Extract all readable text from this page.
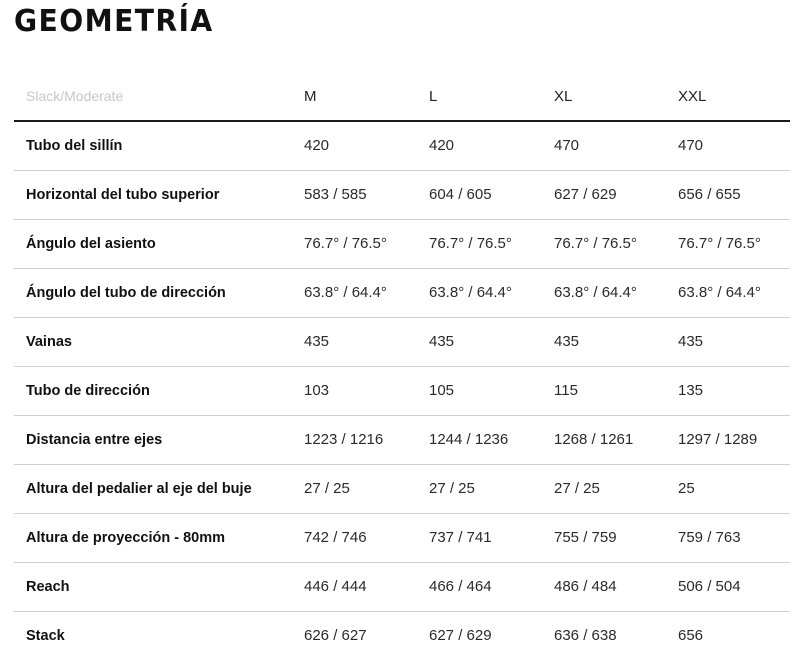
GEOMETRÍA
Slack/Moderate	M	L	XL	XXL
Tubo del sillín	420	420	470	470
Horizontal del tubo superior	583 / 585	604 / 605	627 / 629	656 / 655
Ángulo del asiento	76.7° / 76.5°	76.7° / 76.5°	76.7° / 76.5°	76.7° / 76.5°
Ángulo del tubo de dirección	63.8° / 64.4°	63.8° / 64.4°	63.8° / 64.4°	63.8° / 64.4°
Vainas	435	435	435	435
Tubo de dirección	103	105	115	135
Distancia entre ejes	1223 / 1216	1244 / 1236	1268 / 1261	1297 / 1289
Altura del pedalier al eje del buje	27 / 25	27 / 25	27 / 25	25
Altura de proyección - 80mm	742 / 746	737 / 741	755 / 759	759 / 763
Reach	446 / 444	466 / 464	486 / 484	506 / 504
Stack	626 / 627	627 / 629	636 / 638	656
